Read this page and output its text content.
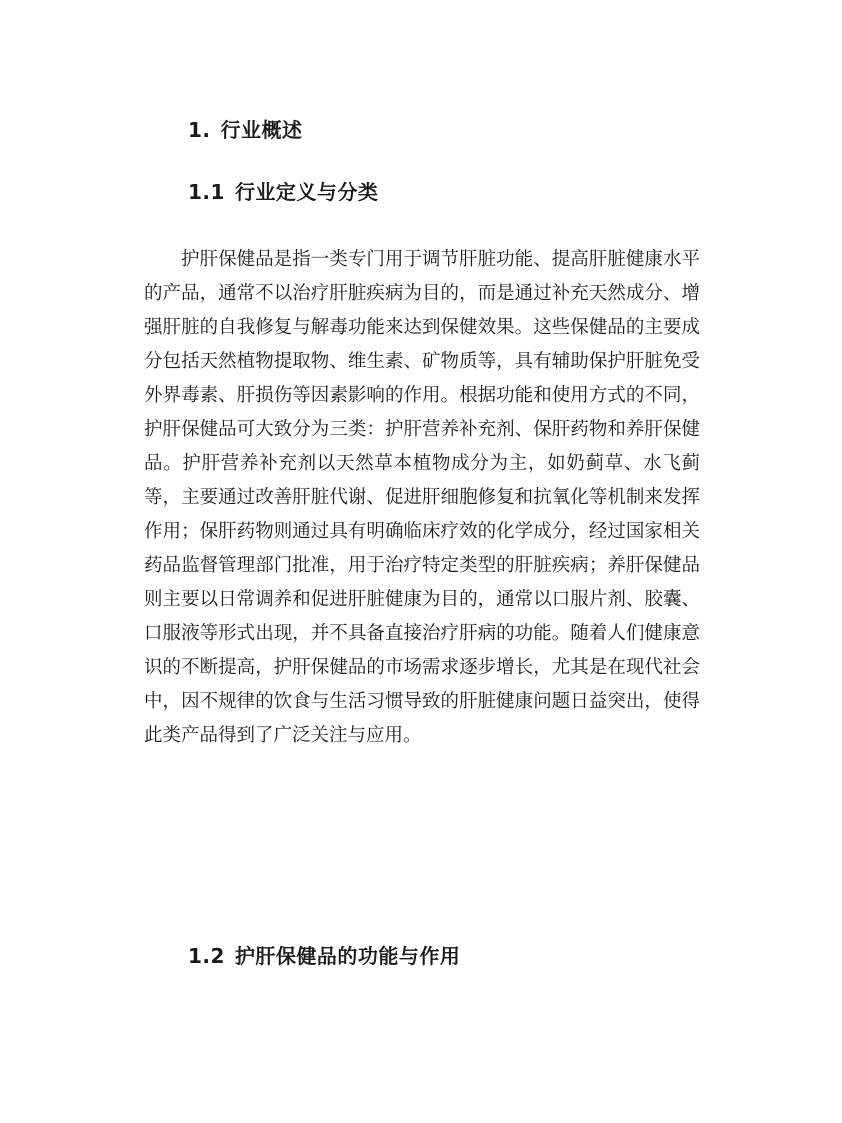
1. 行业概述
1.1 行业定义与分类

护肝保健品是指一类专门用于调节肝脏功能、提高肝脏健康水平的产品，通常不以治疗肝脏疾病为目的，而是通过补充天然成分、增强肝脏的自我修复与解毒功能来达到保健效果。这些保健品的主要成分包括天然植物提取物、维生素、矿物质等，具有辅助保护肝脏免受外界毒素、肝损伤等因素影响的作用。根据功能和使用方式的不同，护肝保健品可大致分为三类：护肝营养补充剂、保肝药物和养肝保健品。护肝营养补充剂以天然草本植物成分为主，如奶蓟草、水飞蓟等，主要通过改善肝脏代谢、促进肝细胞修复和抗氧化等机制来发挥作用；保肝药物则通过具有明确临床疗效的化学成分，经过国家相关药品监督管理部门批准，用于治疗特定类型的肝脏疾病；养肝保健品则主要以日常调养和促进肝脏健康为目的，通常以口服片剂、胶囊、口服液等形式出现，并不具备直接治疗肝病的功能。随着人们健康意识的不断提高，护肝保健品的市场需求逐步增长，尤其是在现代社会中，因不规律的饮食与生活习惯导致的肝脏健康问题日益突出，使得此类产品得到了广泛关注与应用。

1.2 护肝保健品的功能与作用
